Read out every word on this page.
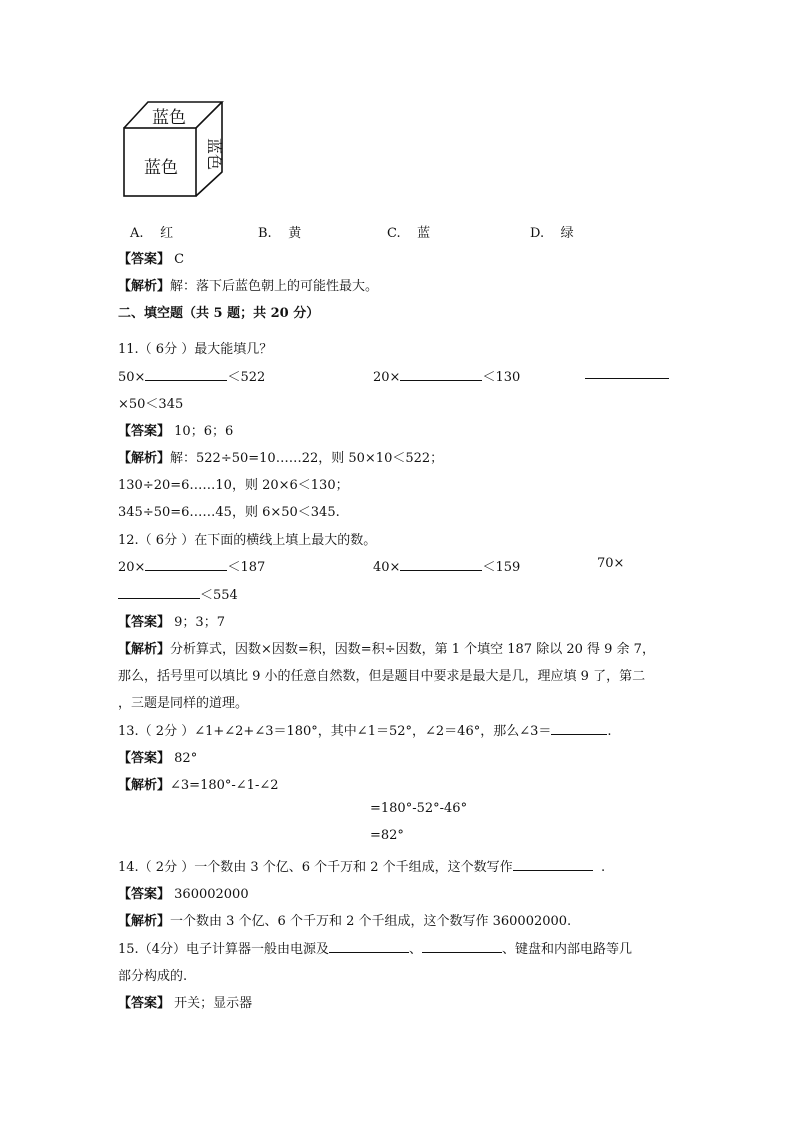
蓝色
蓝色 蓝色
A. 红	B. 黄	C. 蓝	D. 绿
【答案】 C
【解析】解：落下后蓝色朝上的可能性最大。
二、填空题（共 5 题；共 20 分）
11.（ 6分 ）最大能填几？
50×	＜522	20×	＜130
×50＜345
【答案】 10；6；6
【解析】解：522÷50=10……22，则 50×10＜522；
130÷20=6……10，则 20×6＜130；
345÷50=6……45，则 6×50＜345.
12.（ 6分 ）在下面的横线上填上最大的数。
20×	＜187	40×	＜159	70×
＜554
【答案】 9；3；7
【解析】分析算式，因数×因数=积，因数=积÷因数，第 1 个填空 187 除以 20 得 9 余 7，
那么，括号里可以填比 9 小的任意自然数，但是题目中要求是最大是几，理应填 9 了，第二
，三题是同样的道理。
13.（ 2分 ）∠1+∠2+∠3＝180°，其中∠1＝52°，∠2＝46°，那么∠3＝	.
【答案】 82°
【解析】∠3=180°-∠1-∠2
=180°-52°-46°
=82°
14.（ 2分 ）一个数由 3 个亿、6 个千万和 2 个千组成，这个数写作	.
【答案】 360002000
【解析】一个数由 3 个亿、6 个千万和 2 个千组成，这个数写作 360002000.
15.（4分）电子计算器一般由电源及	、	、键盘和内部电路等几
部分构成的.
【答案】 开关；显示器
